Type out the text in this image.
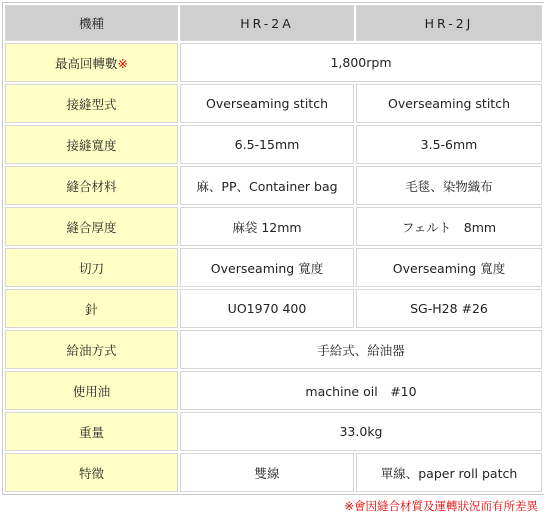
機種	HR-2A	HR-2J
最高回轉數※	1,800rpm	
接縫型式	Overseaming stitch	Overseaming stitch
接縫寬度	6.5-15mm	3.5-6mm
縫合材料	麻、PP、Container bag	毛毯、染物織布
縫合厚度	麻袋 12mm	フェルト　8mm
切刀	Overseaming 寬度	Overseaming 寬度
針	UO1970 400	SG-H28 #26
給油方式	手給式、給油器	
使用油	machine oil　#10	
重量	33.0kg	
特徵	雙線	單線、paper roll patch
※會因縫合材質及運轉狀況而有所差異
